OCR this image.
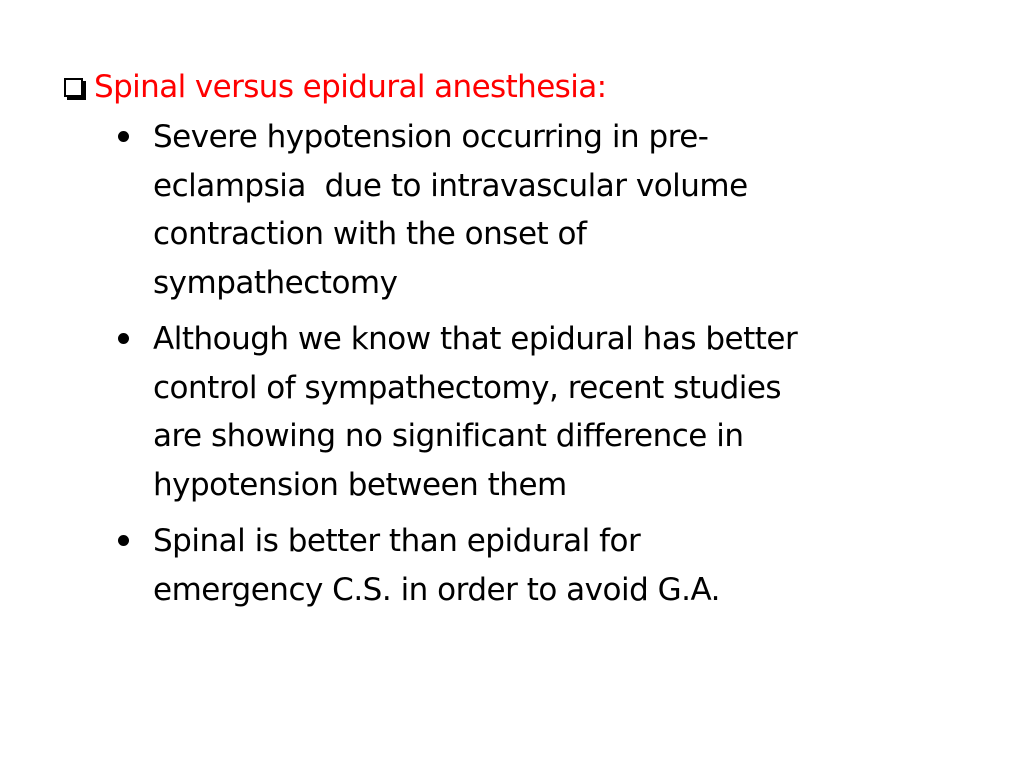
Spinal versus epidural anesthesia:
Severe hypotension occurring in pre-
eclampsia  due to intravascular volume
contraction with the onset of
sympathectomy
Although we know that epidural has better
control of sympathectomy, recent studies
are showing no significant difference in
hypotension between them
Spinal is better than epidural for
emergency C.S. in order to avoid G.A.
